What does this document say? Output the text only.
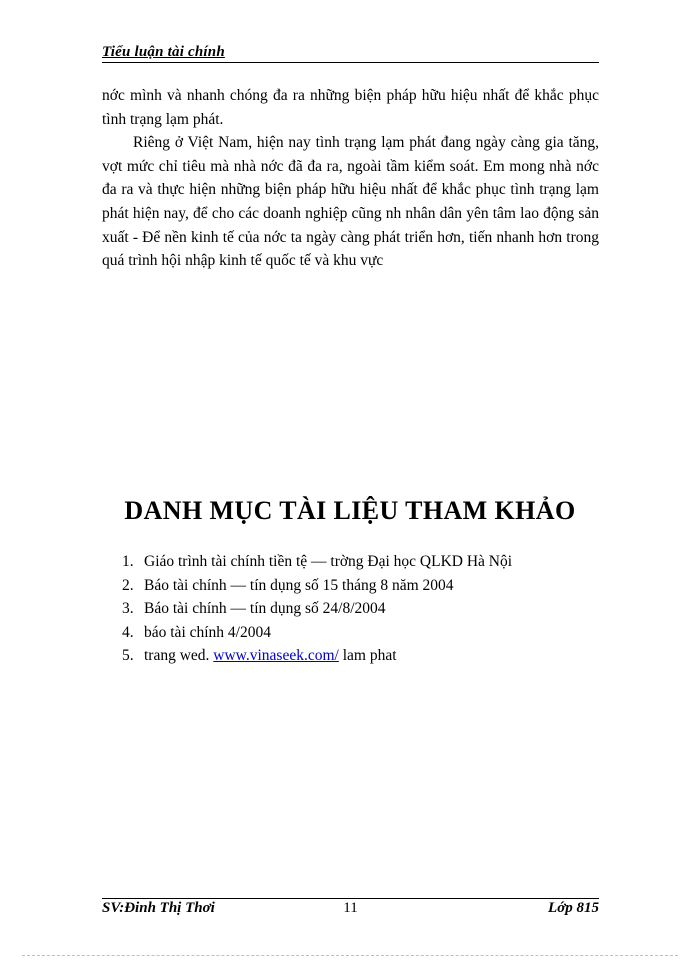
Tiểu luận tài chính

nớc mình và nhanh chóng đa ra những biện pháp hữu hiệu nhất để khắc phục tình trạng lạm phát.

Riêng ở Việt Nam, hiện nay tình trạng lạm phát đang ngày càng gia tăng, vợt mức chỉ tiêu mà nhà nớc đã đa ra, ngoài tầm kiểm soát. Em mong nhà nớc đa ra và thực hiện những biện pháp hữu hiệu nhất để khắc phục tình trạng lạm phát hiện nay, để cho các doanh nghiệp cũng nh nhân dân yên tâm lao động sản xuất - Để nền kinh tế của nớc ta ngày càng phát triển hơn, tiến nhanh hơn trong quá trình hội nhập kinh tế quốc tế và khu vực

DANH MỤC TÀI LIỆU THAM KHẢO
1. Giáo trình tài chính tiền tệ — trờng Đại học QLKD Hà Nội
2. Báo tài chính — tín dụng số 15 tháng 8 năm 2004
3. Báo tài chính — tín dụng số 24/8/2004
4. báo tài chính 4/2004
5. trang wed. www.vinaseek.com/ lam phat
SV:Đinh Thị Thơi	11	Lớp 815
